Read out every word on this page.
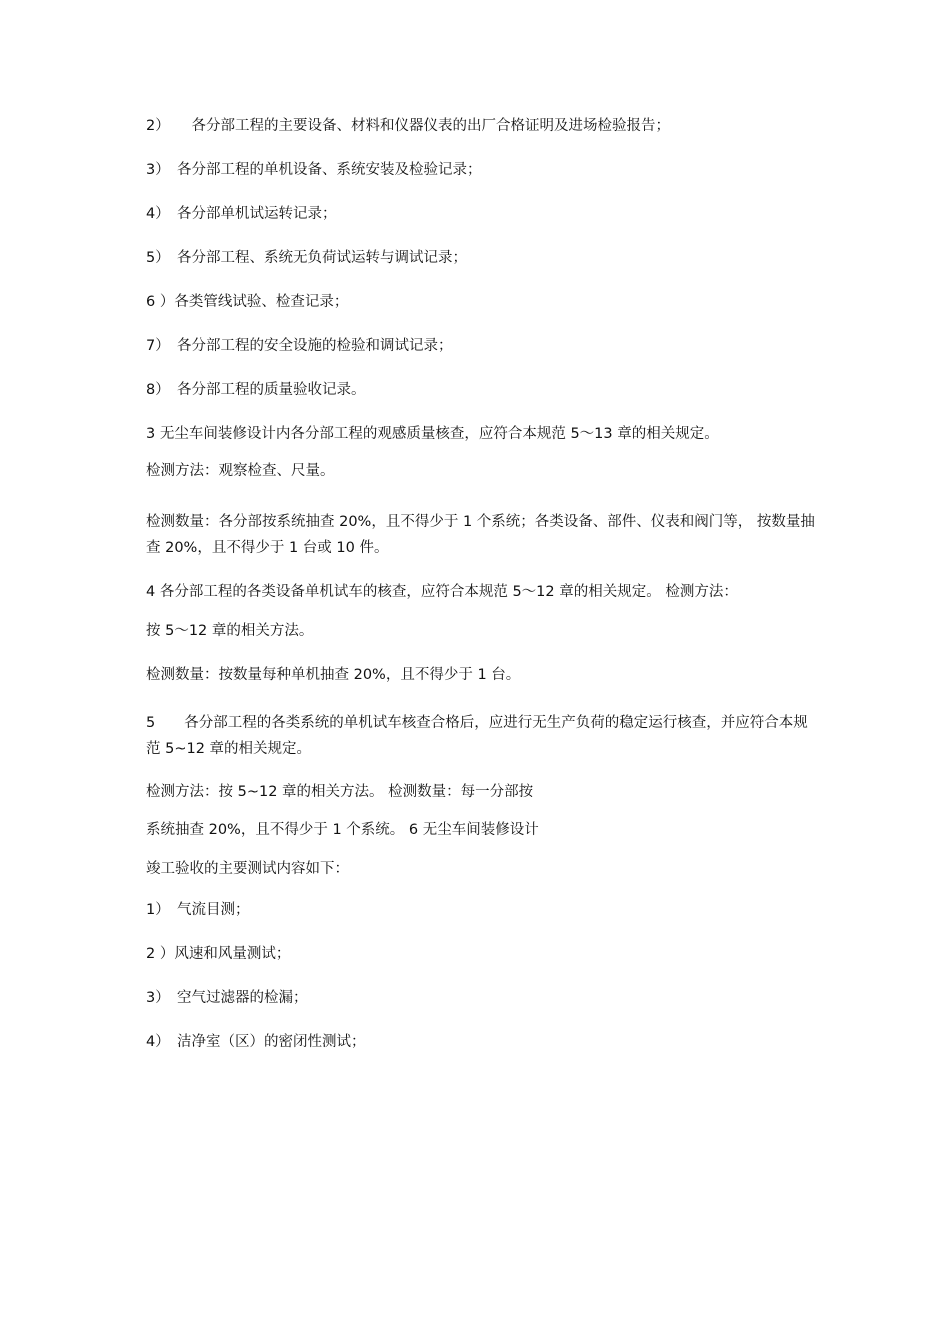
2）　　各分部工程的主要设备、材料和仪器仪表的出厂合格证明及进场检验报告；
3）　各分部工程的单机设备、系统安装及检验记录；
4）　各分部单机试运转记录；
5）　各分部工程、系统无负荷试运转与调试记录；
6 ）各类管线试验、检查记录；
7）　各分部工程的安全设施的检验和调试记录；
8）　各分部工程的质量验收记录。
3 无尘车间装修设计内各分部工程的观感质量核查，应符合本规范 5～13 章的相关规定。
检测方法：观察检查、尺量。
检测数量：各分部按系统抽查 20%，且不得少于 1 个系统；各类设备、部件、仪表和阀门等， 按数量抽查 20%，且不得少于 1 台或 10 件。
4 各分部工程的各类设备单机试车的核查，应符合本规范 5～12 章的相关规定。 检测方法：
按 5～12 章的相关方法。
检测数量：按数量每种单机抽查 20%，且不得少于 1 台。
5　　各分部工程的各类系统的单机试车核查合格后，应进行无生产负荷的稳定运行核查，并应符合本规范 5~12 章的相关规定。
检测方法：按 5~12 章的相关方法。 检测数量：每一分部按
系统抽查 20%，且不得少于 1 个系统。 6 无尘车间装修设计
竣工验收的主要测试内容如下：
1）　气流目测；
2 ）风速和风量测试；
3）　空气过滤器的检漏；
4）　洁净室（区）的密闭性测试；
